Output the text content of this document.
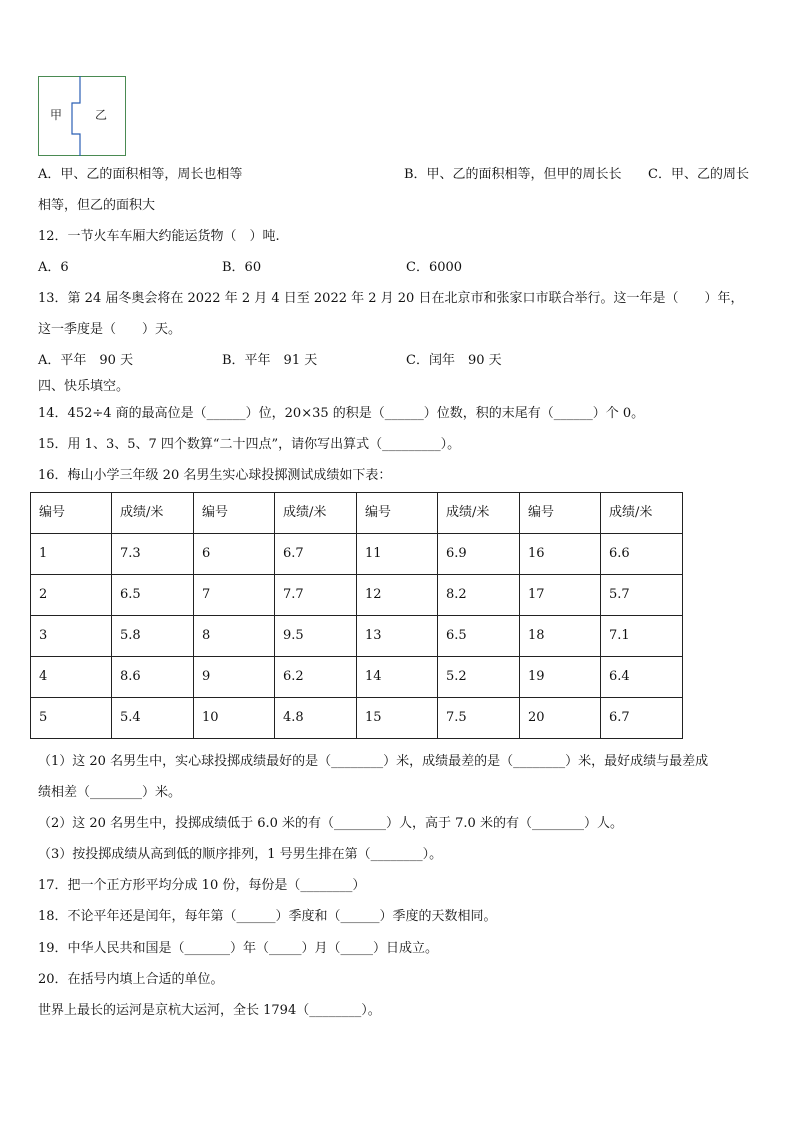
甲	乙
A．甲、乙的面积相等，周长也相等	B．甲、乙的面积相等，但甲的周长长 C．甲、乙的周长
相等，但乙的面积大
12．一节火车车厢大约能运货物（　）吨.
A．6	B．60	C．6000
13．第 24 届冬奥会将在 2022 年 2 月 4 日至 2022 年 2 月 20 日在北京市和张家口市联合举行。这一年是（　　）年，
这一季度是（　　）天。
A．平年　90 天	B．平年　91 天	C．闰年　90 天
四、快乐填空。
14．452÷4 商的最高位是（______）位，20×35 的积是（______）位数，积的末尾有（______）个 0。
15．用 1、3、5、7 四个数算“二十四点”，请你写出算式（_________）。
16．梅山小学三年级 20 名男生实心球投掷测试成绩如下表：
编号	成绩/米	编号	成绩/米	编号	成绩/米	编号	成绩/米
1	7.3	6	6.7	11	6.9	16	6.6
2	6.5	7	7.7	12	8.2	17	5.7
3	5.8	8	9.5	13	6.5	18	7.1
4	8.6	9	6.2	14	5.2	19	6.4
5	5.4	10	4.8	15	7.5	20	6.7
（1）这 20 名男生中，实心球投掷成绩最好的是（________）米，成绩最差的是（________）米，最好成绩与最差成
绩相差（________）米。
（2）这 20 名男生中，投掷成绩低于 6.0 米的有（________）人，高于 7.0 米的有（________）人。
（3）按投掷成绩从高到低的顺序排列，1 号男生排在第（________）。
17．把一个正方形平均分成 10 份，每份是（________）
18．不论平年还是闰年，每年第（______）季度和（______）季度的天数相同。
19．中华人民共和国是（_______）年（_____）月（_____）日成立。
20．在括号内填上合适的单位。
世界上最长的运河是京杭大运河，全长 1794（________）。
